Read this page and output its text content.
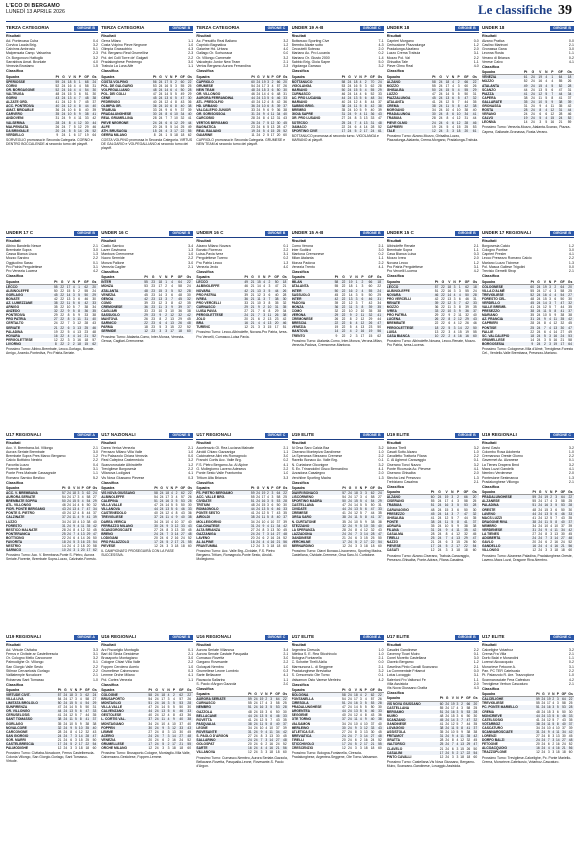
L'ECO DI BERGAMO
LUNEDÌ 13 APRILE 2026	Le classifiche 39
TERZA CATEGORIA	GIRONE B
Risultati
Ad. Pontecasa Cuba	0-4
Corvica Lauda Brig.	3-2
Calvinns Ambrosio	5-1
Malpensata Camp. Valsarina	2-3
Or. Borgonovo Hattoglio	3-2
Sarrabbos Amat. Bronlate	4-0
Venezia Brustamo	1-5
Classifica
Squadra	Pt	G	V	N	P	GF	Gs
SPERIOSSE	59	24	18	5	1	68	24
CORNI	52	24	16	4	4	58	31
OR. BORGAGONE	52	24	16	4	4	54	30
VALTRUGA	48	24	15	3	6	51	30
GORNI	43	24	13	4	7	48	38
ALZATE ORD.	41	24	12	5	7	45	37
ACC. PONTEDIVA	40	24	12	4	8	44	40
AMAT. BRIDABLE	36	24	10	6	8	40	39
CARVERO	35	24	10	5	9	38	41
ANDOVENI	31	24	9	4	11	33	42
VALSERINA	28	24	8	4	12	30	44
MALPENSATA	26	24	7	5	12	29	46
DA BRINGALE	20	24	5	5	14	26	52
VERDELLO	9	24	1	6	17	19	64
SORVEGLIO promossa in Seconda Categoria. CORNO e DENTRO BOCCALENDE al secondo turno dei playoff.
TERZA CATEGORIA	GIRONE B
Risultati
Gerra Milano	1-1
Costa Volpino Pieve Negrone	1-0
Olimpia Grassobbio	4-3
Pol. Bergamo Real Grumellina	2-3
Pol. dei Colli Torre de' Galgarii	2-2
Pradalunghese Predrengo	3-0
Trabuia La Luna Alfe	1-1
Classifica
Squadra	Pt	G	V	N	P	GF	Gs
COSTA VOLPINO	56	24	17	5	2	60	22
POL. DE GALGARIO	53	24	16	5	3	55	25
VOLPEGALLIANO	48	24	14	6	4	50	28
POL. DEI COLLI	47	24	14	5	5	49	29
CENE	45	24	13	6	5	47	30
PEDRENGO	40	24	12	4	8	43	36
OLIMPIA GR.	36	24	10	6	8	40	38
TRABUIA	33	24	9	6	9	37	39
PRADALUNGHESE	30	24	8	6	10	34	40
REAL GRUMELLINA	28	24	7	7	10	32	41
PIEVE NEGRONE	24	24	6	6	12	29	44
ALFE	20	24	5	5	14	25	49
ATH. BRUSAGIA	15	24	4	3	17	22	55
GERRA MILANO	8	24	1	5	18	18	62
COSTA VOLPINO promossa in Seconda Categoria. VIRTUS DE GALGARIO e VOLPEGALLIANO al secondo turno dei playoff.
TERZA CATEGORIA	GIRONE C
Risultati
Ac. Presolfio Real Baliano	3-2
Capriolo Bagnatica	1-2
Gaiarine Hd. Urbano	4-0
Gallago Or. Sorisossoa	0-0
Or. Villongo Carnerate	3-2
Valcalepio Junior New Team	2-1
Vertos Bergamo Aurora Ferrandina	2-3
Classifica
Squadra	Pt	G	V	N	P	GF	Gs
CAPRIOLO	60	24	19	3	2	66	20
GRUMESE	54	24	17	3	4	57	26
NEW TEAM	48	24	15	3	6	50	30
OR. VILLONGO	46	24	14	4	6	48	31
AURORA FERRANDINA	44	24	13	5	6	46	33
ATL. PRESOLFIO	40	24	12	4	8	42	36
HD. URBANO	36	24	10	6	8	39	37
VALCALEPIO JUNIOR	33	24	9	6	9	36	38
OR. SORISOSSOA	31	24	9	4	11	34	40
CARCOBIO	28	24	8	4	12	31	43
VERTOS BERGAMO	26	24	7	5	12	30	45
BAGNATICA	23	24	6	5	13	28	47
REAL BALIANO	19	24	5	4	15	25	52
GAIARINE	11	24	2	5	17	20	60
CAPRIOLO promossa in Seconda Categoria. GRUMESE e NEW TEAM al secondo turno dei playoff.
UNDER 19 A-B	GIRONE C
Risultati
Bottanuco Sporting Cive	7-1
Brembo Alzate sotto	4-3
Ceccutelli Sotecso	2-0
Mariano Ac. Pro Lucania	0-2
Mariano Or. Giusto 2000	1-4
Sabbio Brig. Gioia Sapre	5-0
Vigolanga Gamaco	3-2
Classifica
Squadra	Pt	G	V	N	P	GF	Gs
BOTTANUCO	58	24	18	4	2	70	24
VIGOLANGA	53	24	16	5	3	62	28
MARIANO	50	24	15	5	4	55	29
CURNASCO	46	24	14	4	6	52	33
AC. PRO LUCANIA	44	24	13	5	6	48	34
MARIANO	40	24	12	4	8	44	37
SABBIO BRIG.	38	24	11	5	8	42	38
BREMBO	35	24	10	5	9	40	39
GIOIA SAPRE	31	24	9	4	11	36	43
OR. PRO LUSANO	27	24	8	3	13	33	47
SOTECSO	25	24	7	4	13	31	48
GAMACO	22	24	6	4	14	28	52
SPORTING CIVE	17	24	5	2	17	24	61
BOTTANUCO promossa al secondo turno. VIGOLANGA e MARIANO ai playoff.
UNDER 18	GIRONE B
Risultati
Caprieri Morgano	0-0
Ceriscalone Piazzalunga	1-2
Pradalunga Alzafano	2-0
Luzzo Crema Trabuia	3-1
Mozzo Pol. Val	2-2
Ghisalba Tale	1-1
Pieve Olmo Real	4-0
Classifica
Squadra	Pt	G	V	N	P	GF	Gs
ALZANO	58	24	18	4	2	66	22
MOZZO	55	24	17	4	3	60	26
GHISALBA	50	24	15	5	4	55	29
LUZZO	47	24	14	5	5	50	31
PIAZZALUNGA	45	24	13	6	5	47	32
ATALANTA	41	24	12	5	7	44	35
CREMA	38	24	11	5	8	42	38
MORGANO	34	24	10	4	10	38	40
PRADALUNGA	30	24	8	6	10	34	41
TRABUIA	28	24	8	4	12	31	44
PIEVE OLMO	24	24	6	6	12	28	46
CAPRIERI	19	24	5	4	15	25	53
TALE	12	24	3	3	18	20	61
Prossimo Turno: Alzano-Mozzo, Ghisalba-Luzzo, Piazzalunga-Atalanta, Crema-Morgano, Pradalunga-Trabuia.
UNDER 18	GIRONE B
Risultati
Alzano Pratica	0-0
Caslino Marinoni	2-1
Gronassa Gana	3-0
Leonna Rosta	1-1
Verano di Brianza	0-2
Verese Calvo	4-1
Classifica
Squadra	Pt	G	V	N	P	GF	Gs
VENEZIA	61	24	19	4	1	64	18
MOZZO	52	24	16	4	4	55	26
ATALANTA	49	24	15	4	5	52	28
SCANZO	44	24	13	5	6	47	31
PIAZZA	41	24	12	5	7	44	34
CAPERA	38	24	11	5	8	41	37
GALLARATE	35	24	10	5	9	38	39
GRONASSA	31	24	9	4	11	35	42
ROSTA	28	24	8	4	12	31	44
VERANO	24	24	6	6	12	28	46
CALVO	19	24	5	4	15	24	52
LEONNA	14	24	3	5	16	21	59
Prossimo Turno: Venezia-Mozzo, Atalanta-Scanzo, Piazza-Capera, Gallarate-Gronassa, Rosta-Verano.
UNDER 17 C	GIRONE B
Risultati
Albino Bandello Nesce	2-1
Brembate Sopra	3-0
Cassa Bianca Lisca	1-3
Mozzo Sarcino	2-2
Oggiuolino Sasso	0-1
Pro Patria Pergolettese	3-1
Pro Venezia Lucena	4-2
Classifica
Squadra	Pt	G	V	N	P	GF	Gs
LECCO	55	22	17	4	1	62	20
ALBINOLEFFE	50	22	15	5	2	55	24
GORLAGO	45	22	14	3	5	50	29
BONATE	42	22	13	3	6	46	30
AZ. LUMEZZANE	38	22	11	5	6	42	33
ARNIGO	35	22	10	5	7	38	34
ANZEDO	32	22	9	5	8	36	35
PONTEDIVA	29	22	8	5	9	33	38
PRO PATRIA	27	22	8	3	11	31	40
CERTALTO	24	22	7	3	12	28	43
SERIATE	21	22	6	3	13	25	46
PALADINA	19	22	5	4	13	23	48
HOVARA	16	22	4	4	14	21	52
PERGOLETTESE	12	22	3	3	16	18	57
LIVORNO	8	22	2	2	18	15	62
Prossimo Turno: Albino-Brembate, Lecco-Gorlago, Bonate-Arnigo, Anzedo-Pontediva, Pro Patria-Seriate.
UNDER 16 C	GIRONE B
Risultati
Castio Sarnico	3-4
Lazer Gavinana	1-3
Mantova Cremonese	1-0
Nuoro Sermide	2-2
Monza Pallone	3-0
Venezia Caglieri	2-1
Classifica
Squadra	Pt	G	V	N	P	GF	Gs
INTER	55	23	18	1	4	64	22
MONZA	53	23	17	2	4	58	24
ATALANTA	48	23	15	3	5	52	28
VENEZIA	45	23	14	3	6	48	30
GENOA	42	23	13	3	7	45	32
COMO	39	23	12	3	8	42	35
CREMONESE	36	23	11	3	9	39	37
CAGLIARI	33	23	10	3	10	36	38
SASSUOLO	29	23	9	2	12	32	42
MANTOVA	26	23	8	2	13	29	45
SARNICO	22	23	6	4	13	26	48
PARMA	18	23	5	3	15	22	52
SERMIDE	12	23	3	3	17	18	60
Prossimo Turno: Atalanta-Como, Inter-Monza, Venezia-Genoa, Cagliari-Cremonese.
UNDER 16 C	GIRONE B
Risultati
Alzano Milano Novara	0-1
Bonato Fiorenzo	2-2
Luisa-Pavia Ivrea	3-1
Pergolettese Turenc	0-2
Pro Patria Lecco	1-3
Venezia Jeolo	4-0
Classifica
Squadra	Pt	G	V	N	P	GF	Gs
LECCO	49	21	15	4	2	50	18
ALBINOLEFFE	46	21	14	4	3	47	21
NOVARA	42	21	13	3	5	44	26
PRO PATRIA	39	21	12	3	6	40	28
IVREA	36	21	11	3	7	38	30
PRO VERCELLI	33	21	10	3	8	35	32
CURNASCO	29	21	9	2	10	31	35
LUISA PAVIA	27	21	7	6	8	29	34
PERGOLETTESE	24	21	7	3	11	26	38
JOLO	20	21	6	2	13	23	42
BRA	16	21	4	4	13	20	46
TURENC	12	21	3	3	15	17	51
Prossimo Turno: Lecco-Albinoleffe, Novara-Pro Patria, Ivrea-Pro Vercelli, Curnasco-Luisa Pavia.
UNDER 15 A-B	GIRONE B
Risultati
Como Verona	2-1
Inter Sudtirol	3-0
Mantova Cremonese	0-2
Milan Atalanta	1-1
Monza Padova	2-2
Venezia Trento	4-1
Classifica
Squadra	Pt	G	V	N	P	GF	Gs
MILAN	58	22	19	1	2	66	18
ATALANTA	55	22	18	1	3	60	22
INTER	50	22	16	2	4	55	24
SASSUOLO	45	22	14	3	5	50	29
INTER	42	22	13	3	6	46	31
PADOVA	39	22	12	3	7	42	34
MONZA	36	22	11	3	8	39	35
COMO	32	22	10	2	10	35	38
VERONA	29	22	9	2	11	32	41
CREMONESE	26	22	8	2	12	29	44
BRESCIA	22	22	6	4	12	26	47
VENEZIA	19	22	5	4	13	23	50
MANTOVA	14	22	4	2	16	19	56
TRENTO	9	22	2	3	17	15	62
Prossimo Turno: Atalanta-Como, Inter-Monza, Verona-Milan, Venezia-Padova, Cremonese-Mantova.
UNDER 15 C	GIRONE B
Risultati
Albinoleffe Renate	2-1
Brembate Sopra	1-1
Casa Bianca Luisa	0-3
Mozzo Ivrea	2-0
Novara Lecco	1-2
Pro Patria Pergolettese	3-1
Pro Vercelli Lucena	4-2
Classifica
Squadra	Pt	G	V	N	P	GF	Gs
LECCO	57	22	18	3	1	62	18
ALBINOLEFFE	51	22	16	3	3	55	24
NOVARA	46	22	14	4	4	50	28
PRO VERCELLI	42	22	13	3	6	46	31
RENATE	39	22	12	3	7	42	33
MOZZO	36	22	11	3	8	39	35
IVREA	33	22	10	3	9	36	37
PRO PATRIA	29	22	9	2	11	32	40
LUCENA	26	22	8	2	12	29	43
BREMBATE	22	22	6	4	12	26	46
PERGOLETTESE	18	22	5	3	14	22	50
LUISA	13	22	3	4	15	19	55
CASA BIANCA	10	22	2	4	16	16	60
Prossimo Turno: Albinoleffe-Novara, Lecco-Renate, Mozzo-Pro Patria, Ivrea-Lucena.
UNDER 17 REGIONALI	GIRONE B
Risultati
Borgosesia Calcio	1-2
Cologno Pontise	3-0
Caprieri Presler	4-1
Lecco Presezzo Romano Calcio	2-2
Mariano Luzzo Ticinese	1-3
Pol. Masca Gallese Trigolini	0-0
Trevisio Gemelli Strop	2-1
Classifica
Squadra	Pt	G	V	N	P	GF	Gs
COLOGNESE	60	24	19	3	2	64	20
VILLA D'ALMÈ	55	24	17	4	3	58	25
TREVIGLIESE	52	24	16	4	4	54	27
FORESTO CEL.	48	24	15	3	6	50	30
VERDELLO	45	24	14	3	7	47	32
VALLE BREMB.	41	24	12	5	7	44	35
PRESEZZO	38	24	11	5	8	41	37
MARIANO	35	24	10	5	9	38	38
AZ. FRANCIA	31	24	9	4	11	35	42
CAPRIERI	28	24	8	4	12	32	45
PONTISE	25	24	7	4	13	30	47
FALLIE	22	24	6	4	14	27	49
SC. VALCALEPIO	18	24	5	3	16	24	53
GRUMELLESE	14	24	3	5	16	21	58
BORGOSESIA	9	24	2	3	19	17	64
Prossimo Turno: Colognese-Villa d'Almè, Trevigliese-Foresto Cel., Verdello-Valle Brembana, Presezzo-Mariano.
U17 REGIONALI	GIRONE A
Risultati
Acc. V. Brembana Ad. Villongo	2-1
Aurora Seriate Brembate	3-0
Brembate Sopra Pres Marco Bergamo	1-2
Calcio Botticino Nestrio	2-2
Favorita Luzzo	0-4
Fiorente Bonate	3-1
Ponte Pres Malnate Cassagnole	1-1
Romano Sarnico Bestico	5-2
Classifica
Squadra	Pt	G	V	N	P	GF	Gs
ACC. V. BREMBANA	57	24	18	3	3	62	24
AURORA SERIATE	54	24	17	3	4	58	27
BREMBATE SOPRA	50	24	15	5	4	54	29
ATL. VILLONGO	46	24	14	4	6	50	32
FIOR. PONTE BERGAMO	43	24	13	4	7	47	34
PONTE S. PIETRO	40	24	12	4	8	44	37
CALZINATE	37	24	11	4	9	41	39
LUZZO	34	24	10	4	10	38	40
FORESTO	31	24	9	4	11	35	42
BESTICO MALNATE	28	24	8	4	12	32	45
PONTERANICA	25	24	7	4	13	29	47
BOTTICINO	22	24	6	4	14	26	50
FAVORITA	18	24	5	3	16	23	54
NESTRIO	14	24	4	2	18	20	58
SARNICO	10	24	3	1	20	17	62
Prossimo Turno: Acc. V. Brembana-Ponte S. Pietro, Aurora Seriate-Fiorente, Brembate Sopra-Luzzo, Calzinate-Foresto.
U17 NAZIONALI	GIRONE B
Risultati
Darea Verica Venezia	2-1
Ferrazzo Milano Villa Valle	1-0
Pro Palazzolo Chiara Venezia	0-0
Real Calepina Castenedolo	3-2
Scanzorosciate Albinoleffe	1-2
Trevigliese Borgosesia	2-2
Villanova Lodigiani	4-1
Vis Nova Giussano Pievese	0-3
Classifica
Squadra	Pt	G	V	N	P	GF	Gs
VIS NOVA GIUSSANO	58	24	18	4	2	62	22
ALBINOLEFFE	54	24	17	3	4	57	26
CALEPINA	51	24	16	3	5	53	28
VILLA VALLE	47	24	14	5	5	50	30
VILLANOVA	44	24	13	5	6	46	33
CASTENEDOLO	40	24	12	4	8	43	36
TREVIGLIESE	37	24	11	4	9	40	38
DAREA VERICA	34	24	10	4	10	37	40
FERRAZZO MILANO	30	24	9	3	12	33	43
SCANZOROSCIATE	27	24	8	3	13	30	45
BRENO	24	24	7	3	14	27	48
LODIGIANI	20	24	6	2	16	24	52
PRO PALAZZOLO	17	24	5	2	17	21	55
PIEVESE	12	24	3	3	18	18	60
IL CAMPIONATO PROSEGUIRÀ CON LA FASE SUCCESSIVA.
U17 REGIONALI	GIRONE C
Risultati
Accelerazio Ol. Rea Luciana Malnate	2-1
Airoldi Chiaro Gazzaniga	1-1
Calcinatese Alini ets Romagnolo	3-0
Franchi Cortis Acc. Valle Brg.	0-2
F.S. Pietro Bergamo Ac. Al Alpine	4-1
G. Mollegiorno Laveno Adeseus	2-2
Ponte Sesto Valle Frantumba	1-0
Tritium Alta Brianza	3-3
Classifica
Squadra	Pt	G	V	N	P	GF	Gs
FS. PIETRO BERGAMO	59	24	19	2	3	64	22
ACC. VALLE BRG.	55	24	17	4	3	58	25
CIVIDATE	51	24	16	3	5	53	28
TRITIUM	48	24	15	3	6	50	30
ROMAGNOLO	44	24	13	5	6	46	33
PONTE SESTO	41	24	12	5	7	43	35
AIROLDI	38	24	11	5	8	40	37
MOLLEGIORNO	34	24	10	4	10	37	39
CALCINATESE	31	24	9	4	11	34	42
ALTA BRIANZA	27	24	8	3	13	30	45
GAZZANIGA	24	24	7	3	14	27	48
LAVENO	20	24	6	2	16	24	52
AL ALPINE	16	24	4	4	16	21	56
FRANTUMBA	12	24	3	3	18	18	60
Prossimo Turno: Acc. Valle Brg.-Cividate, F.S. Pietro Bergamo-Tritium, Romagnolo-Ponte Sesto, Airoldi-Mollegiorno.
U19 ELITE	GIRONE B
Risultati
Ai Orsa Saro Calcia Bsa	3-2
Ciserano Montepiza Gandinese	1-0
La Speranza Stezzano Cremese	2-2
Ravello Bonaco Ac. Valle Brg.	0-1
N. Curtatone Olconigne	3-2
S. Ex. Trinandolini Gisco Bernardino	4-1
Uzzadona Casalegno	2-0
Verchilne Sporting Madra	1-3
Classifica
Squadra	Pt	G	V	N	P	GF	Gs
DIAVRI BONACO	57	24	18	3	3	62	24
LISCORNENO	54	24	17	3	4	58	27
SPORTING MADRA	50	24	15	5	4	54	29
CASTELLANA	47	24	14	5	5	50	31
CIVIDATE	44	24	13	5	6	47	33
CREMESE	41	24	12	5	7	44	35
ORSA SARO	38	24	11	5	8	41	37
N. CURTATONE	35	24	10	5	9	38	38
STEZZANO	32	24	9	5	10	35	40
LA SPERANZA	28	24	8	4	12	32	43
LAZZADONA	24	24	7	3	14	28	47
GANDINESE	21	24	6	3	15	25	50
VERCHILNE	17	24	5	2	17	22	54
BERNARDINO	12	24	3	3	18	18	60
Prossimo Turno: Diavri Bonaco-Liscorneno, Sporting Madra-Castellana, Cividate-Cremese, Orsa Saro-N. Curtatone.
U19 ELITE	GIRONE B
Risultati
Adrara Tirelli	3-2
Casati Sotto Alzano	1-0
Cavalletto Trattoria Filana	2-2
C. Al Agherot Caravaggio	0-1
Ciserano Tonci Nazzo	3-2
Ponte Ricorsola Ac. Pievese	4-1
Ciserano Ghisalba	2-0
Stecha Lesi Presezzo	1-3
Trebiziano Casalma	2-1
Classifica
Squadra	Pt	G	V	N	P	GF	Gs
ALZANO	60	24	19	3	2	66	20
CISERANO	55	24	17	4	3	58	25
TRABUIA	51	24	16	3	5	53	28
CARAVAGGIO	48	24	15	3	6	50	30
PRESEZZO	45	24	14	3	7	47	32
GHISALBA	41	24	12	5	7	44	35
PONTE	38	24	11	5	8	41	37
ADRARA	35	24	10	5	9	38	38
FILANA	31	24	9	4	11	35	42
CASALMA	28	24	8	4	12	32	45
TIRELLI	25	24	7	4	13	29	47
NAZZO	21	24	6	3	15	26	50
PIEVESE	17	24	5	2	17	22	54
CASATI	12	24	3	3	18	18	60
Prossimo Turno: Alzano-Ciserano, Trabuia-Caravaggio, Presezzo-Ghisalba, Ponte-Adrara, Filana-Casalma.
U19 REGIONALI	GIRONE C
Risultati
Aresi Gavlo	3-2
Colombo Rosa Adoberta	1-0
Cremanoso Oreste Giorno	2-2
Gavermet Ac. Alzanese	0-1
La Tienes Drapera Bmd	3-2
Macs Luzzi Gandello	4-1
Nembro Verdenese	2-0
Pontesione Sestmanca	1-3
Pradalunghese Villongo	2-1
Classifica
Squadra	Pt	G	V	N	P	GF	Gs
PRADALUNGHESE	59	24	19	2	3	64	22
ALZANESE	55	24	17	4	3	58	25
PALADINA	51	24	16	3	5	53	28
ORESTE	48	24	15	3	6	50	30
LAVENO	44	24	13	5	6	46	33
MACS LUZZI	41	24	12	5	7	43	35
DRAGONE RIVA	38	24	11	5	8	40	37
NEMBRO	34	24	10	4	10	37	39
VERDENESE	31	24	9	4	11	34	42
LA TIENES	27	24	8	3	13	30	45
ADOBERTA	24	24	7	3	14	27	48
GAVLO	20	24	6	2	16	24	52
GANDELLO	16	24	4	4	16	21	56
VILLONGO	12	24	3	3	18	18	60
Prossimo Turno: Alzanese-Paladina, Pradalunghese-Oreste, Laveno-Macs Luzzi, Dragone Riva-Nembro.
U19 REGIONALI	GIRONE A
Risultati
Ad. Virtude Civitaba	3-3
Ferrus e Civitate ar Castelbrescia	3-1
Or. Cologno Mello Carconone	3-2
Palmodighe Or. Villongo	0-1
San Giorgio Valle Sesto	2-2
Stilmar Ceruselosis Gorlago	2-2
Vaillatemple Novalcore	2-1
Robarnas Sant Tomasso	1-0
Classifica
Squadra	Pt	G	V	N	P	GF	Gs
VIRTUDE CIVIT.	57	24	18	3	3	62	24
VILLA LIVA	54	24	17	3	4	58	27
LIMITATA BRGLOLO	50	24	15	5	4	54	29
SUNFIRENZA	47	24	14	5	5	50	31
OR. VILLONGO	44	24	13	5	6	47	33
CERUSELOSIS	41	24	12	5	7	44	35
SANT TOMASSO	38	24	11	5	8	41	37
GORLAGO	35	24	10	5	9	38	38
NOVALCORE	32	24	9	5	10	35	40
CARCONONE	28	24	8	4	12	32	43
SAN GIORGIO	24	24	7	3	14	28	47
SOR. MARRI	21	24	6	3	15	25	50
CASTELBRESCIA	17	24	5	2	17	22	54
PALMODIGHE	12	24	3	3	18	18	60
Prossimo Turno: Civitaba-Novalcore, Ferrus Castelbrescia-Colonia Villongo, San Giorgio-Gorlago, Sant Tomasso-Virtude.
U16 REGIONALI	GIRONE B
Risultati
Arc Fiscariglio Montaglio	0-1
Bari 46 Sinda Gestolese	2-1
Brusaporto Montagiano	3-0
Cologne Chiari Villa Valle	2-2
Foppen Ceroleno Acerio	1-0
Grumellese Calvenzano	0-3
Lemme Orche Milano	4-1
Pol. Cortes Venezia	1-1
Classifica
Squadra	Pt	G	V	N	P	GF	Gs
COLOGNE	58	24	18	4	2	62	22
BRUSAPORTO	54	24	17	3	4	57	26
MONTAGLIO	51	24	16	3	5	53	28
VILLA VALLE	47	24	14	5	5	50	30
CALVENZANO	44	24	13	5	6	46	33
GESTOLESE	40	24	12	4	8	43	36
L. CORTIS VAL.	37	24	11	4	9	40	38
MONTAGIANO	34	24	10	4	10	37	40
FOPPEN	30	24	9	3	12	33	43
LEMME	27	24	8	3	13	30	45
ACERIO	24	24	7	3	14	27	48
VENEZIA	20	24	6	2	16	24	52
GRUMELLESE	17	24	5	2	17	21	55
ORCHE MILANO	12	24	3	3	18	18	60
Prossimo Turno: Brusaporto-Cologne, Montaglio-Villa Valle, Calvenzano-Gestolese, Foppen-Lemme.
U16 REGIONALI	GIRONE C
Risultati
Aurora Seriate Villanova	3-4
Aurora Senale Castate Pasqualia	2-1
Curnasco Rovetta	3-0
Gargano Rovesante	2-2
Golospat Nembro	1-0
Grumellese Leone Lumbrio	0-3
Sarte Bellacane	4-1
Ravaccia Sallarino	1-1
S. Paolo d'Argon Gazzola	2-0
Classifica
Squadra	Pt	G	V	N	P	GF	Gs
AURORA SERIATE	59	24	19	2	3	64	22
CURNASCO	55	24	17	4	3	58	25
NEMBRO	51	24	16	3	5	53	28
GAZZOLA	48	24	15	3	6	50	30
BELLACANE	44	24	13	5	6	46	33
ROVETTA	41	24	12	5	7	43	35
PASQUALIA	38	24	11	5	8	40	37
LEONE	34	24	10	4	10	37	39
ROVESANTE	31	24	9	4	11	34	42
S. PAOLO D'ARGON	27	24	8	3	13	30	45
SALLARINO	24	24	7	3	14	27	48
GOLOSPAT	20	24	6	2	16	24	52
SARTE	16	24	4	4	16	21	56
VILLANOVA	12	24	3	3	18	18	60
Prossimo Turno: Curnasco-Nembro, Aurora Seriate-Gazzola, Bellacane-Rovetta, Pasqualia-Leone, Rovesante-S. Paolo d'Argon.
U17 ELITE	GIRONE A
Risultati
Argentea Ciresola	1-0
Atletica S. E. Rea Sticchivolo	1-0
Bologna Fontanella	2-1
C. Schwbe Tirelli Alzila	0-0
Marmunona L. di Seggene	2-1
Pradalunghese Breviatica	3-2
S. Crescenzio Ote Torno	0-1
Valsamon Osto Varese Merleino	4-2
Classifica
Squadra	Pt	G	V	N	P	GF	Gs
BOLOGNA	58	24	18	4	2	62	22
FONTANELLA	54	24	17	3	4	57	26
CIRESOLA	51	24	16	3	5	53	28
PRADALUNGHESE	47	24	14	5	5	50	30
ARGENTEA	44	24	13	5	6	46	33
SEGGENE	40	24	12	4	8	43	36
OTE TORNO	37	24	11	4	9	40	38
VALSAMON	34	24	10	4	10	37	40
MERLEINO	30	24	9	3	12	33	43
ATLETICA S.E.	27	24	8	3	13	30	45
BREVIATICA	24	24	7	3	14	27	48
TIRELLI	20	24	6	2	16	24	52
STICCHIVOLO	17	24	5	2	17	21	55
CRESCENZIO	12	24	3	3	18	18	60
Prossimo Turno: Bologna-Fontanella, Ciresola-Pradalunghese, Argentea-Seggene, Ote Torno-Valsamon.
U17 ELITE	GIRONE B
Risultati
Casalini Gandinese	2-2
Cavenny Ticari Muiro	0-1
Conel Moretto Castellana	3-0
Clavelo Bergamo	1-2
Gavelina Pinto Cavalli Scanzano	2-1
La Commentale Fritamot	0-0
Lotus Lovaggio	3-1
Salerioni Fro Valtorsci Fe	1-1
Villa Assistola	2-0
Vis Nova Giussano Gratta	4-3
Classifica
Squadra	Pt	G	V	N	P	GF	Gs
VIS NOVA GIUSSANO	60	24	19	3	2	66	20
CASTELLANA	55	24	17	4	3	58	25
BERGAMO	51	24	16	3	5	53	28
MUIRO	48	24	15	3	6	50	30
SCANZANO	45	24	14	3	7	47	32
GANDINESE	41	24	12	5	7	44	35
LOVAGGIO	38	24	11	5	8	41	37
ASSISTOLA	35	24	10	5	9	38	38
FRITAMOT	31	24	9	4	11	35	42
GRATTA	28	24	8	4	12	32	45
VALTORSCI	25	24	7	4	13	29	47
CLAVELO	21	24	6	3	15	26	50
CASALINI	17	24	5	2	17	22	54
PINTO CAVALLI	12	24	3	3	18	18	60
Prossimo Turno: Castellana-Vis Nova Giussano, Bergamo-Muiro, Scanzano-Gandinese, Lovaggio-Assistola.
U17 ELITE	GIRONE C
Risultati
Calcelighe Votarboz	3-2
Crema Fra Villa	2-1
Dorfo Balzi e Morandini	1-1
Lorenzi Alcoacquoio	0-2
Moncrieve Fetoone A.	3-1
Pan. PC TER Catelsosio	2-2
Pt. Palanzolo R. Are. Trazzoplone	1-0
Scannarosciate Fera Cafesturo	4-2
Trevigliese Verbun Cascaturo	2-1
Classifica
Squadra	Pt	G	V	N	P	GF	Gs
CALCELIGHE	59	24	19	2	3	64	22
TREVIGLIESE	55	24	17	4	3	58	25
PC. PONTE MARIELLO	51	24	16	3	5	53	28
CREMA	48	24	15	3	6	50	30
MONCRIEVE	44	24	13	5	6	46	33
CATELSOSIO	41	24	12	5	7	43	35
VOTARBOZ	38	24	11	5	8	40	37
CASCATURO	34	24	10	4	10	37	39
SCANNAROSCIATE	31	24	9	4	11	34	42
LORENZI	27	24	8	3	13	30	45
DORFO BALZI	24	24	7	3	14	27	48
FETOONE	20	24	6	2	16	24	52
ALCOACQUOIO	16	24	4	4	16	21	56
TRAZZOPLONE	12	24	3	3	18	18	60
Prossimo Turno: Trevigliese-Calcelighe, Pc. Ponte Mariello-Crema, Moncrieve-Catelsosio, Votarboz-Cascaturo.
